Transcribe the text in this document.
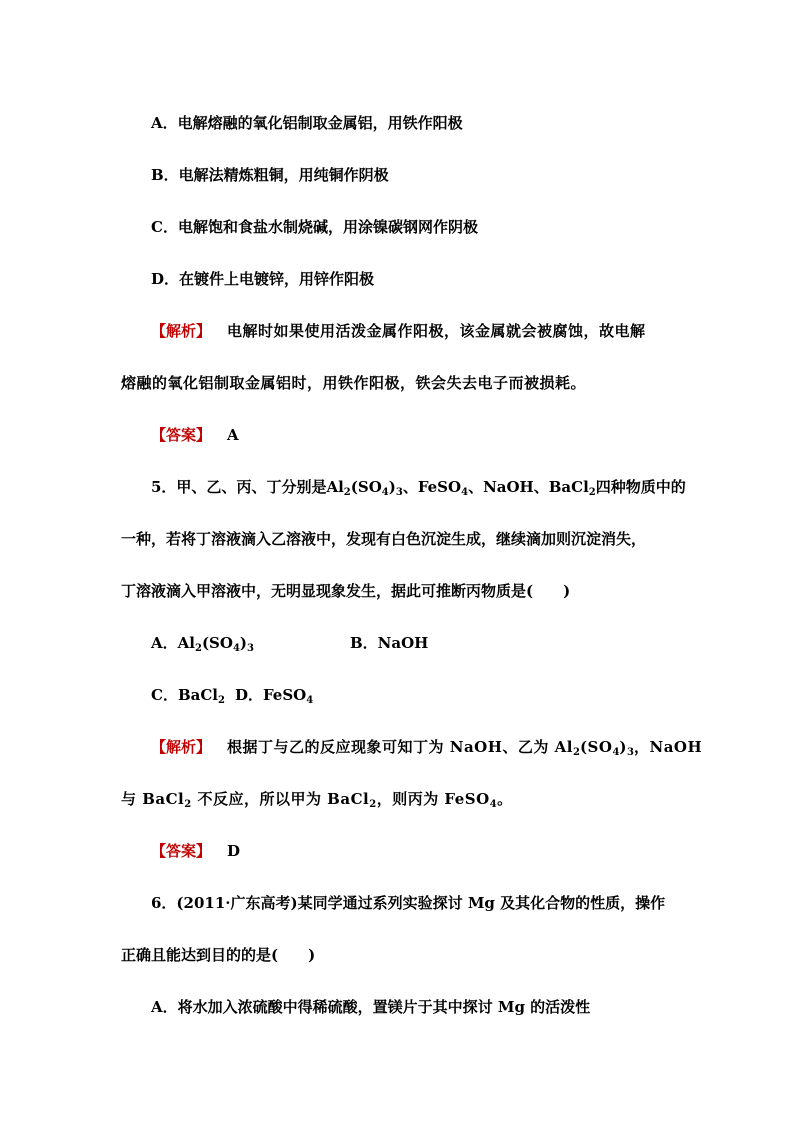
A．电解熔融的氧化铝制取金属铝，用铁作阳极
B．电解法精炼粗铜，用纯铜作阴极
C．电解饱和食盐水制烧碱，用涂镍碳钢网作阴极
D．在镀件上电镀锌，用锌作阳极
【解析】 电解时如果使用活泼金属作阳极，该金属就会被腐蚀，故电解
熔融的氧化铝制取金属铝时，用铁作阳极，铁会失去电子而被损耗。
【答案】 A
5．甲、乙、丙、丁分别是$Al_2(SO_4)_3$、FeSO$_4$、NaOH、BaCl$_2$四种物质中的
一种，若将丁溶液滴入乙溶液中，发现有白色沉淀生成，继续滴加则沉淀消失，
丁溶液滴入甲溶液中，无明显现象发生，据此可推断丙物质是(　　)
A．$Al_2(SO_4)_3$	B．NaOH
C．BaCl$_2$ D．FeSO$_4$
【解析】 根据丁与乙的反应现象可知丁为 NaOH、乙为 $Al_2(SO_4)_3$，NaOH
与 BaCl$_2$ 不反应，所以甲为 BaCl$_2$，则丙为 FeSO$_4$。
【答案】 D
6．(2011·广东高考)某同学通过系列实验探讨 Mg 及其化合物的性质，操作
正确且能达到目的的是(　　)
A．将水加入浓硫酸中得稀硫酸，置镁片于其中探讨 Mg 的活泼性
